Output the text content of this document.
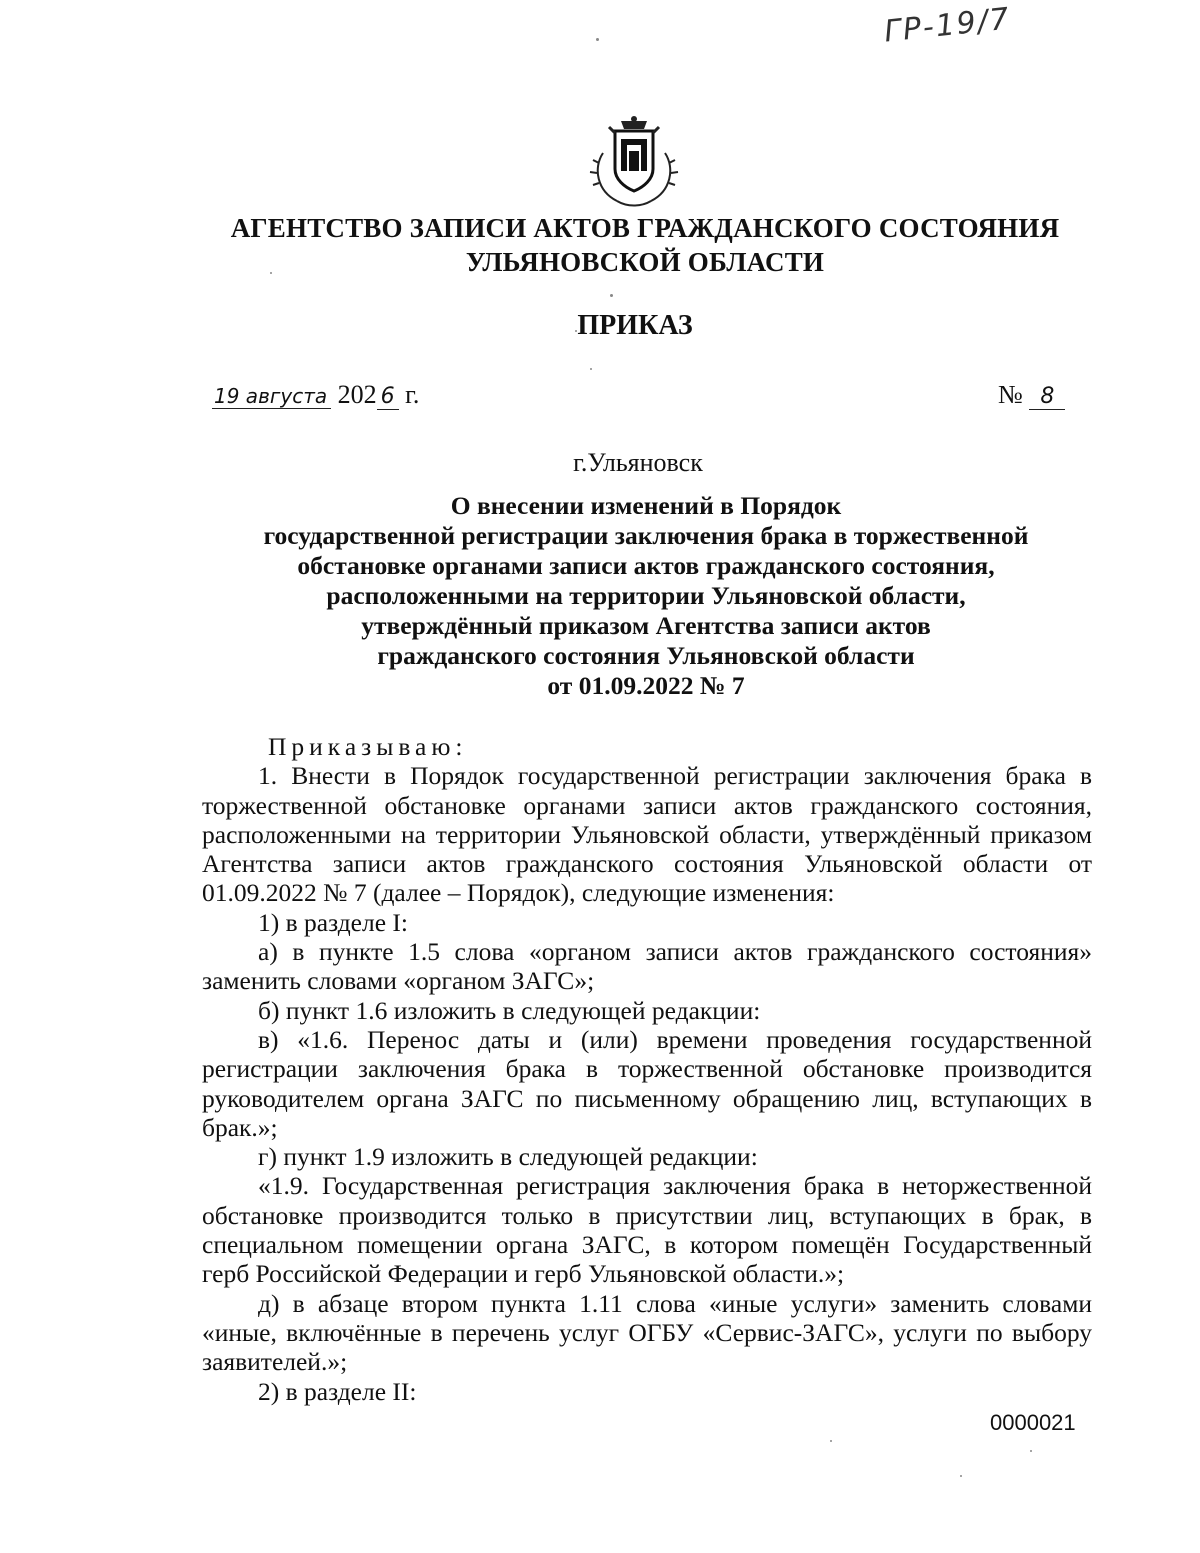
ГР-19/7
АГЕНТСТВО ЗАПИСИ АКТОВ ГРАЖДАНСКОГО СОСТОЯНИЯ
УЛЬЯНОВСКОЙ ОБЛАСТИ
ПРИКАЗ
19 августа 202 6 г.	№ 8
г.Ульяновск
О внесении изменений в Порядок
государственной регистрации заключения брака в торжественной
обстановке органами записи актов гражданского состояния,
расположенными на территории Ульяновской области,
утверждённый приказом Агентства записи актов
гражданского состояния Ульяновской области
от 01.09.2022 № 7

Приказываю:

1. Внести в Порядок государственной регистрации заключения брака в торжественной обстановке органами записи актов гражданского состояния, расположенными на территории Ульяновской области, утверждённый приказом Агентства записи актов гражданского состояния Ульяновской области от 01.09.2022 № 7 (далее – Порядок), следующие изменения:

1) в разделе I:

а) в пункте 1.5 слова «органом записи актов гражданского состояния» заменить словами «органом ЗАГС»;

б) пункт 1.6 изложить в следующей редакции:

в) «1.6. Перенос даты и (или) времени проведения государственной регистрации заключения брака в торжественной обстановке производится руководителем органа ЗАГС по письменному обращению лиц, вступающих в брак.»;

г) пункт 1.9 изложить в следующей редакции:

«1.9. Государственная регистрация заключения брака в неторжественной обстановке производится только в присутствии лиц, вступающих в брак, в специальном помещении органа ЗАГС, в котором помещён Государственный герб Российской Федерации и герб Ульяновской области.»;

д) в абзаце втором пункта 1.11 слова «иные услуги» заменить словами «иные, включённые в перечень услуг ОГБУ «Сервис-ЗАГС», услуги по выбору заявителей.»;

2) в разделе II:

0000021
